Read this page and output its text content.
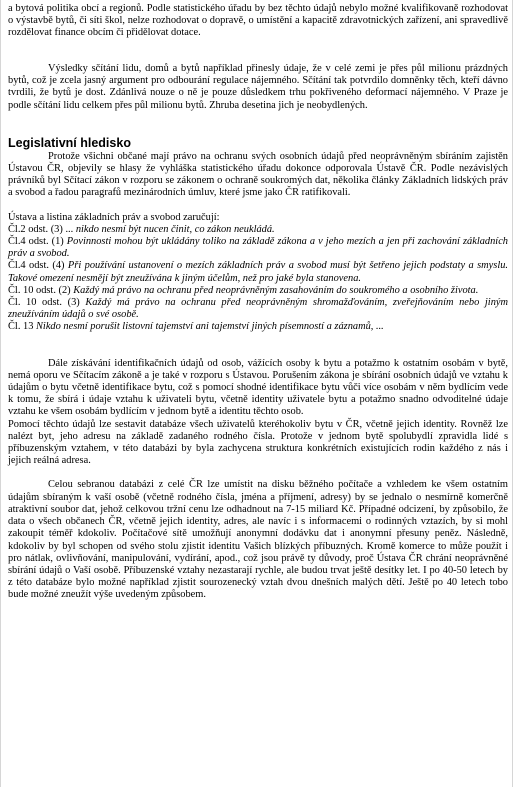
a bytová politika obcí a regionů. Podle statistického úřadu by bez těchto údajů nebylo možné kvalifikovaně rozhodovat o výstavbě bytů, či síti škol, nelze rozhodovat o dopravě, o umístění a kapacitě zdravotnických zařízení, ani spravedlivě rozdělovat finance obcím či přidělovat dotace.

Výsledky sčítání lidu, domů a bytů například přinesly údaje, že v celé zemi je přes půl milionu prázdných bytů, což je zcela jasný argument pro odbourání regulace nájemného. Sčítání tak potvrdilo domněnky těch, kteří dávno tvrdili, že bytů je dost. Zdánlivá nouze o ně je pouze důsledkem trhu pokřiveného deformací nájemného. V Praze je podle sčítání lidu celkem přes půl milionu bytů. Zhruba desetina jich je neobydlených.

Legislativní hledisko

Protože všichni občané mají právo na ochranu svých osobních údajů před neoprávněným sbíráním zajistěn Ústavou ČR, objevily se hlasy že vyhláška statistického úřadu dokonce odporovala Ústavě ČR. Podle nezávislých právníků byl Sčítací zákon v rozporu se zákonem o ochraně soukromých dat, několika články Základních lidských práv a svobod a řadou paragrafů mezinárodních úmluv, které jsme jako ČR ratifikovali.

Ústava a listina základních práv a svobod zaručují:

Čl.2 odst. (3) ... nikdo nesmí být nucen činit, co zákon neukládá.

Čl.4 odst. (1) Povinnosti mohou být ukládány toliko na základě zákona a v jeho mezích a jen při zachování základních práv a svobod.

Čl.4 odst. (4) Při používání ustanovení o mezích základních práv a svobod musí být šetřeno jejich podstaty a smyslu. Takové omezení nesmějí být zneužívána k jiným účelům, než pro jaké byla stanovena.

Čl. 10 odst. (2) Každý má právo na ochranu před neoprávněným zasahováním do soukromého a osobního života.

Čl. 10 odst. (3) Každý má právo na ochranu před neoprávněným shromažďováním, zveřejňováním nebo jiným zneužíváním údajů o své osobě.

Čl. 13 Nikdo nesmí porušit listovní tajemství ani tajemství jiných písemností a záznamů, ...

Dále získávání identifikačních údajů od osob, vážících osoby k bytu a potažmo k ostatním osobám v bytě, nemá oporu ve Sčítacím zákoně a je také v rozporu s Ústavou. Porušením zákona je sbírání osobních údajů ve vztahu k údajům o bytu včetně identifikace bytu, což s pomocí shodné identifikace bytu vůči více osobám v něm bydlícím vede k tomu, že sbírá i údaje vztahu k uživateli bytu, včetně identity uživatele bytu a potažmo snadno odvoditelné údaje vztahu ke všem osobám bydlícím v jednom bytě a identitu těchto osob.

Pomocí těchto údajů lze sestavit databáze všech uživatelů kteréhokoliv bytu v ČR, včetně jejich identity. Rovněž lze nalézt byt, jeho adresu na základě zadaného rodného čísla. Protože v jednom bytě spolubydlí zpravidla lidé s příbuzenským vztahem, v této databázi by byla zachycena struktura konkrétních existujících rodin každého z nás i jejich reálná adresa.

Celou sebranou databázi z celé ČR lze umístit na disku běžného počítače a vzhledem ke všem ostatním údajům sbíraným k vaší osobě (včetně rodného čísla, jména a příjmení, adresy) by se jednalo o nesmírně komerčně atraktivní soubor dat, jehož celkovou tržní cenu lze odhadnout na 7-15 miliard Kč. Případné odcizení, by způsobilo, že data o všech občanech ČR, včetně jejich identity, adres, ale navíc i s informacemi o rodinných vztazích, by si mohl zakoupit téměř kdokoliv. Počítačové sítě umožňují anonymní dodávku dat i anonymní přesuny peněz. Následně, kdokoliv by byl schopen od svého stolu zjistit identitu Vašich blízkých příbuzných. Kromě komerce to může použít i pro nátlak, ovlivňování, manipulování, vydírání, apod., což jsou právě ty důvody, proč Ústava ČR chrání neoprávněné sbírání údajů o Vaší osobě. Příbuzenské vztahy nezastarají rychle, ale budou trvat ještě desítky let. I po 40-50 letech by z této databáze bylo možné například zjistit sourozenecký vztah dvou dnešních malých dětí. Ještě po 40 letech tobo bude možné zneužít výše uvedeným způsobem.
